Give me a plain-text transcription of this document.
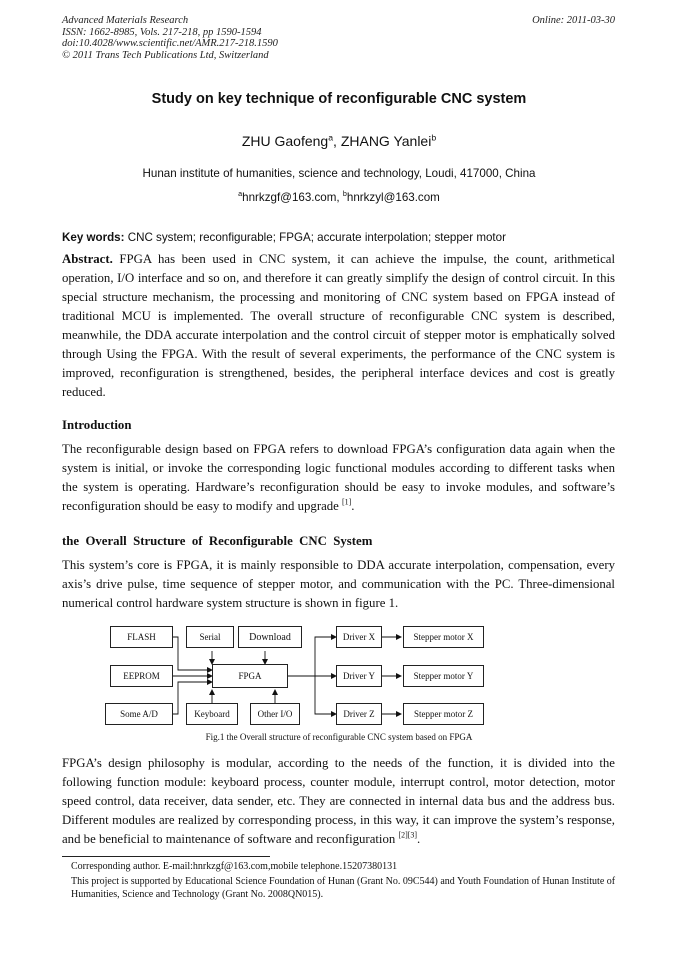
Advanced Materials Research
ISSN: 1662-8985, Vols. 217-218, pp 1590-1594
doi:10.4028/www.scientific.net/AMR.217-218.1590
© 2011 Trans Tech Publications Ltd, Switzerland
Online: 2011-03-30
Study on key technique of reconfigurable CNC system
ZHU Gaofeng$^a$, ZHANG Yanlei$^b$
Hunan institute of humanities, science and technology, Loudi, 417000, China
$^a$hnrkzgf@163.com, $^b$hnrkzyl@163.com
Key words: CNC system; reconfigurable; FPGA; accurate interpolation; stepper motor
Abstract. FPGA has been used in CNC system, it can achieve the impulse, the count, arithmetical operation, I/O interface and so on, and therefore it can greatly simplify the design of control circuit. In this special structure mechanism, the processing and monitoring of CNC system based on FPGA instead of traditional MCU is implemented. The overall structure of reconfigurable CNC system is described, meanwhile, the DDA accurate interpolation and the control circuit of stepper motor is emphatically solved through Using the FPGA. With the result of several experiments, the performance of the CNC system is improved, reconfiguration is strengthened, besides, the peripheral interface devices and cost is greatly reduced.
Introduction
The reconfigurable design based on FPGA refers to download FPGA’s configuration data again when the system is initial, or invoke the corresponding logic functional modules according to different tasks when the system is operating. Hardware’s reconfiguration should be easy to invoke modules, and software’s reconfiguration should be easy to modify and upgrade [1].
the  Overall  Structure  of  Reconfigurable  CNC  System
This system’s core is FPGA, it is mainly responsible to DDA accurate interpolation, compensation, every axis’s drive pulse, time sequence of stepper motor, and communication with the PC. Three-dimensional numerical control hardware system structure is shown in figure 1.
FLASH	Serial	Download
EEPROM	FPGA
Some A/D	Keyboard	Other I/O
Driver X
Driver Y
Driver Z
Stepper motor X
Stepper motor Y
Stepper motor Z
Fig.1 the Overall structure of reconfigurable CNC system based on FPGA
FPGA’s design philosophy is modular, according to the needs of the function, it is divided into the following function module: keyboard process, counter module, interrupt control, motor detection, motor speed control, data receiver, data sender, etc. They are connected in internal data bus and the address bus. Different modules are realized by corresponding process, in this way, it can improve the system’s response, and be beneficial to maintenance of software and reconfiguration [2][3].
Corresponding author. E-mail:hnrkzgf@163.com,mobile telephone.15207380131
This project is supported by Educational Science Foundation of Hunan (Grant No. 09C544) and Youth Foundation of Hunan Institute of Humanities, Science and Technology (Grant No. 2008QN015).
